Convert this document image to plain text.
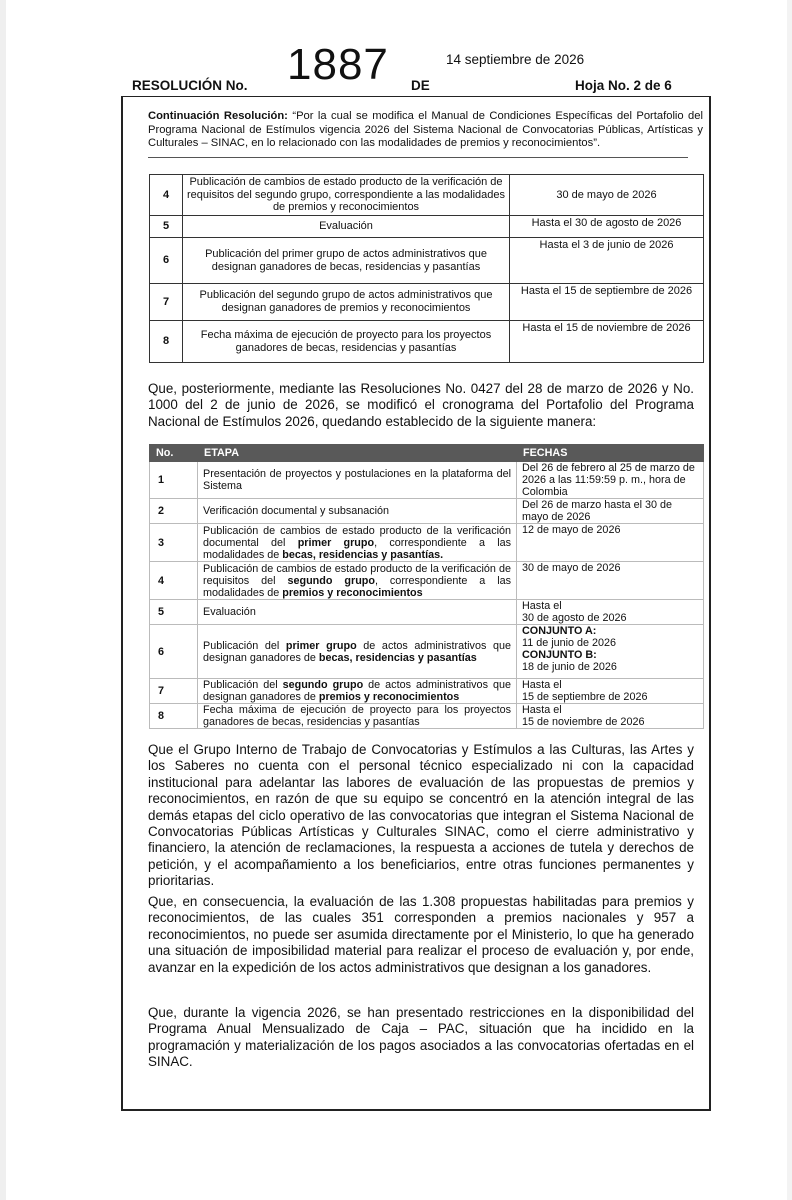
1887	14 septiembre de 2026
RESOLUCIÓN No.	DE	Hoja No. 2 de 6
Continuación Resolución: “Por la cual se modifica el Manual de Condiciones Específicas del Portafolio del Programa Nacional de Estímulos vigencia 2026 del Sistema Nacional de Convocatorias Públicas, Artísticas y Culturales – SINAC, en lo relacionado con las modalidades de premios y reconocimientos”.
4	Publicación de cambios de estado producto de la verificación de requisitos del segundo grupo, correspondiente a las modalidades de premios y reconocimientos	30 de mayo de 2026
5	Evaluación	Hasta el 30 de agosto de 2026
6	Publicación del primer grupo de actos administrativos que designan ganadores de becas, residencias y pasantías	Hasta el 3 de junio de 2026
7	Publicación del segundo grupo de actos administrativos que designan ganadores de premios y reconocimientos	Hasta el 15 de septiembre de 2026
8	Fecha máxima de ejecución de proyecto para los proyectos ganadores de becas, residencias y pasantías	Hasta el 15 de noviembre de 2026
Que, posteriormente, mediante las Resoluciones No. 0427 del 28 de marzo de 2026 y No. 1000 del 2 de junio de 2026, se modificó el cronograma del Portafolio del Programa Nacional de Estímulos 2026, quedando establecido de la siguiente manera:
No.	ETAPA	FECHAS
1	Presentación de proyectos y postulaciones en la plataforma del Sistema	Del 26 de febrero al 25 de marzo de 2026 a las 11:59:59 p. m., hora de Colombia
2	Verificación documental y subsanación	Del 26 de marzo hasta el 30 de mayo de 2026
3	Publicación de cambios de estado producto de la verificación documental del primer grupo, correspondiente a las modalidades de becas, residencias y pasantías.	12 de mayo de 2026
4	Publicación de cambios de estado producto de la verificación de requisitos del segundo grupo, correspondiente a las modalidades de premios y reconocimientos	30 de mayo de 2026
5	Evaluación	Hasta el
30 de agosto de 2026
6	Publicación del primer grupo de actos administrativos que designan ganadores de becas, residencias y pasantías	CONJUNTO A:
11 de junio de 2026
CONJUNTO B:
18 de junio de 2026
7	Publicación del segundo grupo de actos administrativos que designan ganadores de premios y reconocimientos	Hasta el
15 de septiembre de 2026
8	Fecha máxima de ejecución de proyecto para los proyectos ganadores de becas, residencias y pasantías	Hasta el
15 de noviembre de 2026
Que el Grupo Interno de Trabajo de Convocatorias y Estímulos a las Culturas, las Artes y los Saberes no cuenta con el personal técnico especializado ni con la capacidad institucional para adelantar las labores de evaluación de las propuestas de premios y reconocimientos, en razón de que su equipo se concentró en la atención integral de las demás etapas del ciclo operativo de las convocatorias que integran el Sistema Nacional de Convocatorias Públicas Artísticas y Culturales SINAC, como el cierre administrativo y financiero, la atención de reclamaciones, la respuesta a acciones de tutela y derechos de petición, y el acompañamiento a los beneficiarios, entre otras funciones permanentes y prioritarias.
Que, en consecuencia, la evaluación de las 1.308 propuestas habilitadas para premios y reconocimientos, de las cuales 351 corresponden a premios nacionales y 957 a reconocimientos, no puede ser asumida directamente por el Ministerio, lo que ha generado una situación de imposibilidad material para realizar el proceso de evaluación y, por ende, avanzar en la expedición de los actos administrativos que designan a los ganadores.
Que, durante la vigencia 2026, se han presentado restricciones en la disponibilidad del Programa Anual Mensualizado de Caja – PAC, situación que ha incidido en la programación y materialización de los pagos asociados a las convocatorias ofertadas en el SINAC.
